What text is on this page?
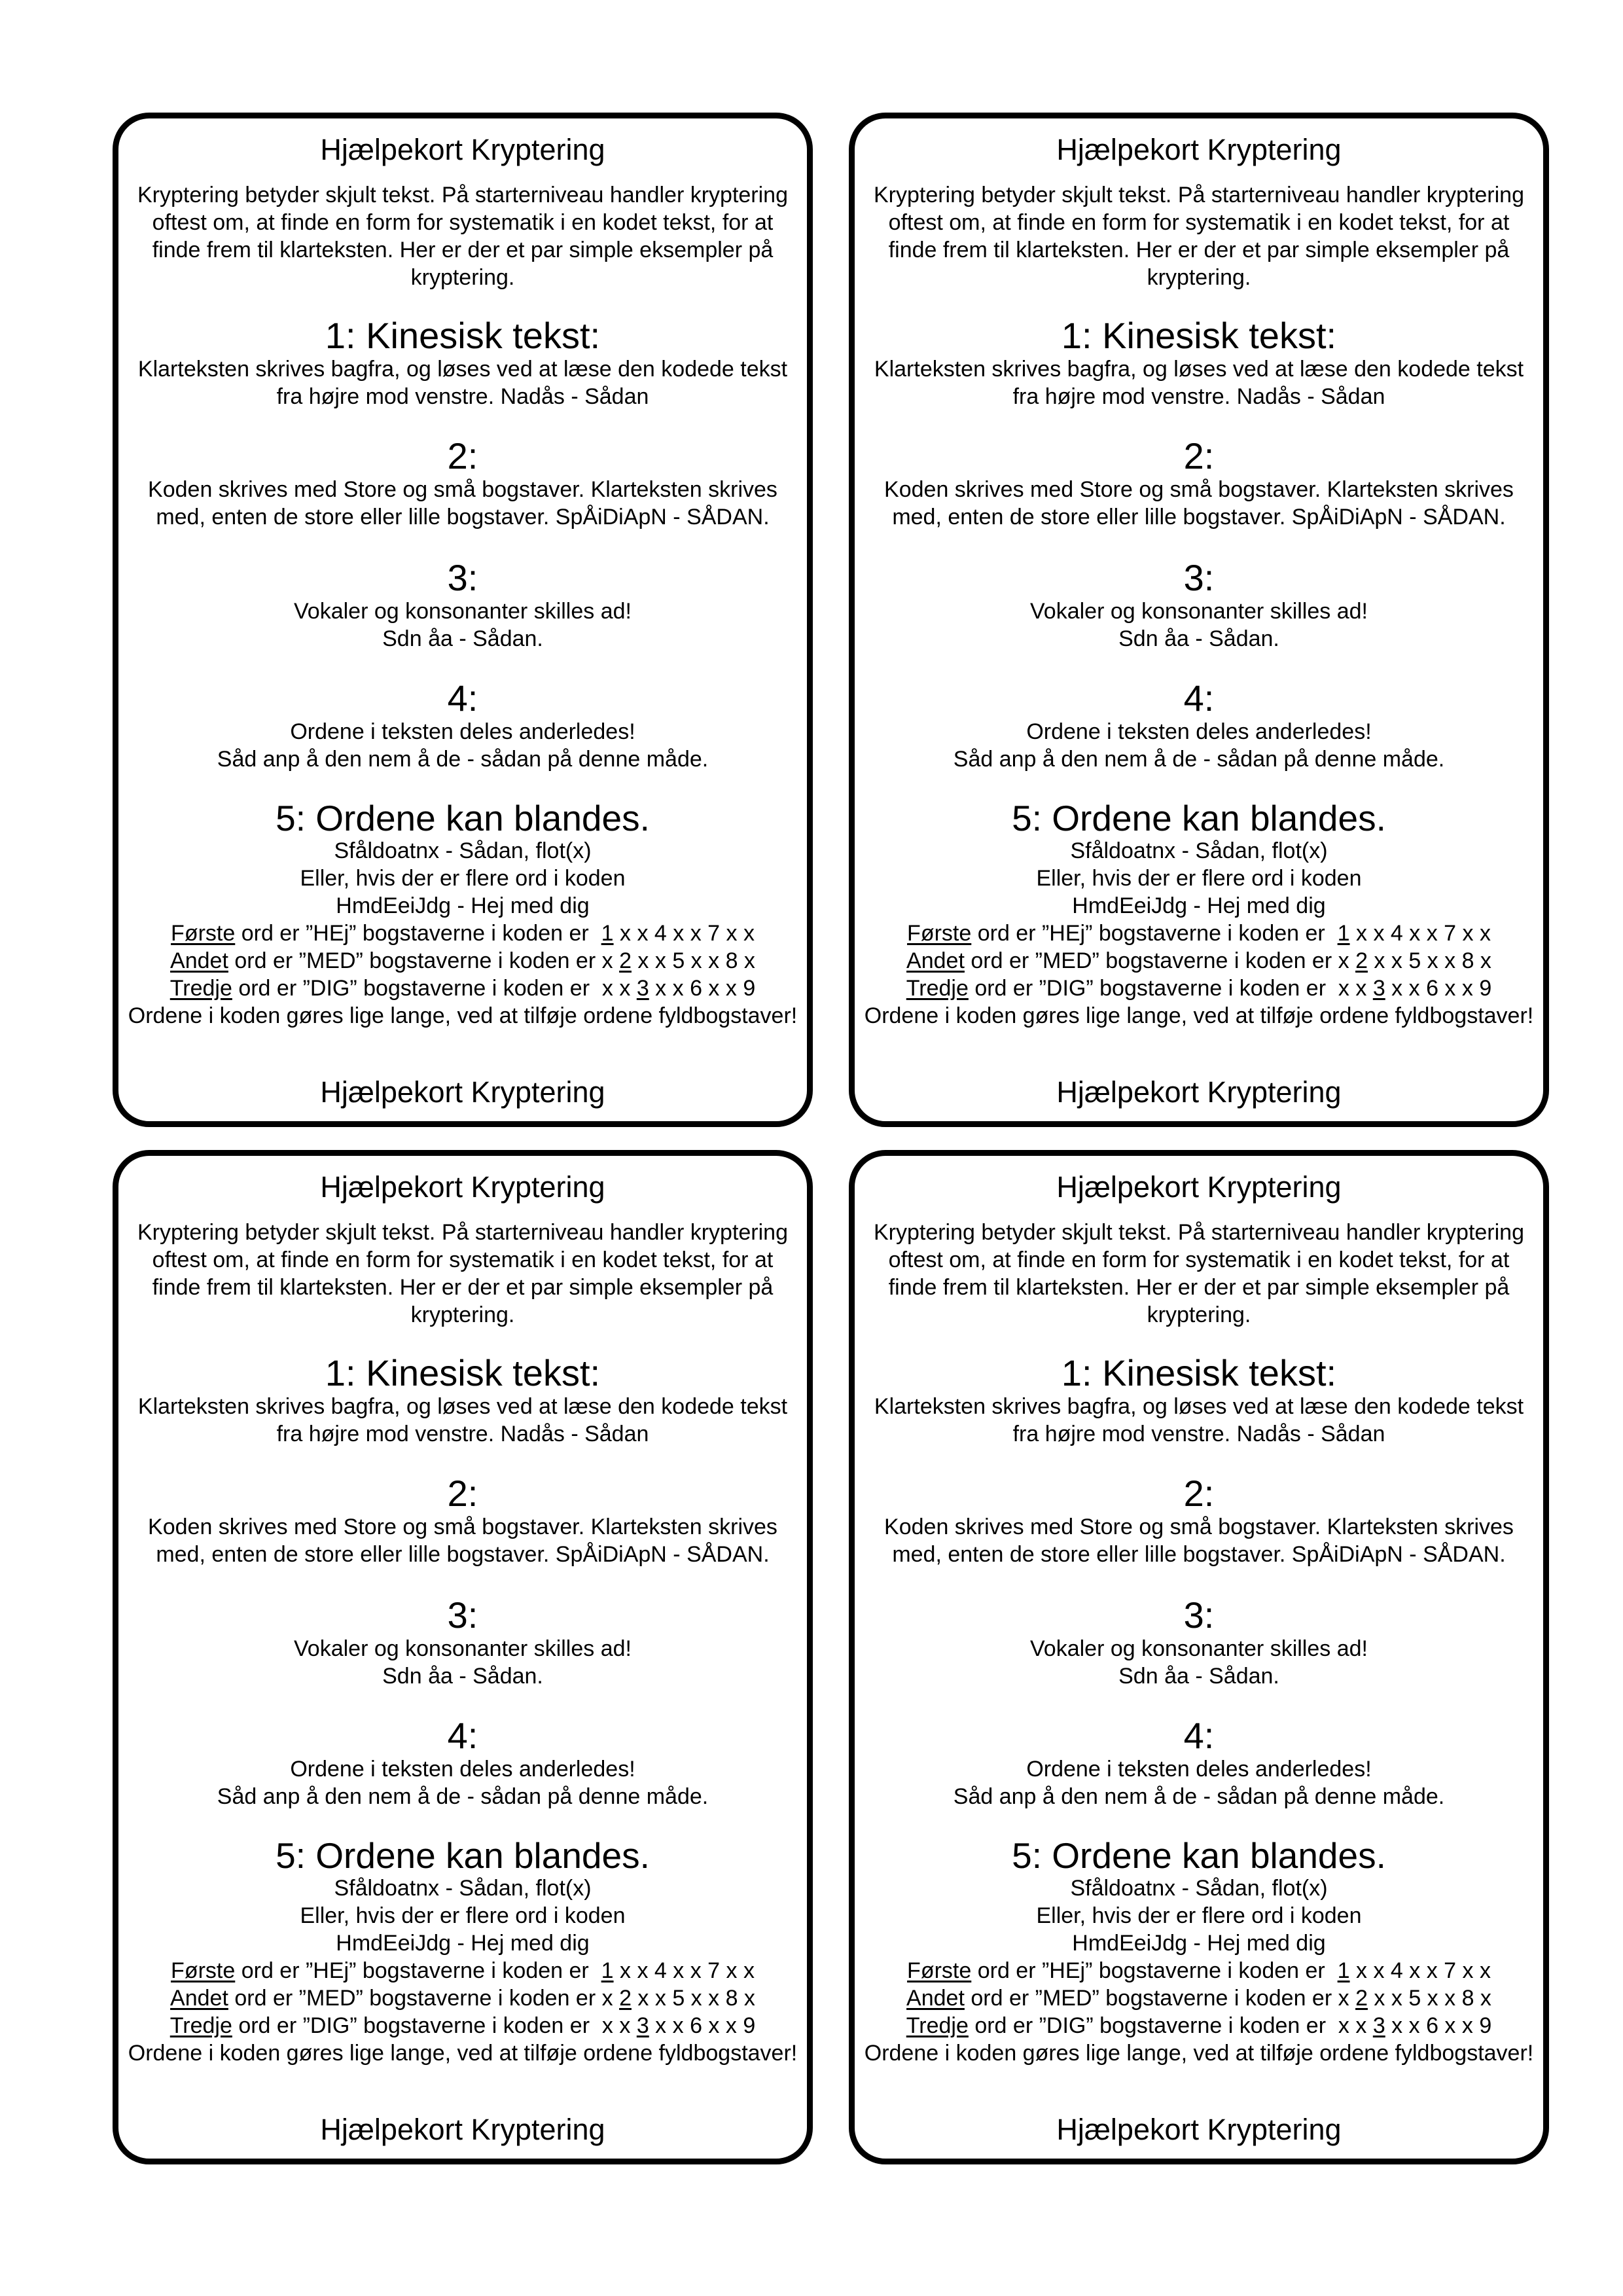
Hjælpekort Kryptering
Kryptering betyder skjult tekst. På starterniveau handler kryptering oftest om, at finde en form for systematik i en kodet tekst, for at finde frem til klarteksten. Her er der et par simple eksempler på kryptering.
1: Kinesisk tekst:
Klarteksten skrives bagfra, og løses ved at læse den kodede tekst fra højre mod venstre. Nadås - Sådan
2:
Koden skrives med Store og små bogstaver. Klarteksten skrives med, enten de store eller lille bogstaver. SpÅiDiApN - SÅDAN.
3:
Vokaler og konsonanter skilles ad!
Sdn åa - Sådan.
4:
Ordene i teksten deles anderledes!
Såd anp å den nem å de - sådan på denne måde.
5: Ordene kan blandes.
Sfåldoatnx - Sådan, flot(x)
Eller, hvis der er flere ord i koden
HmdEeiJdg - Hej med dig
Første ord er ”HEj” bogstaverne i koden er  1 x x 4 x x 7 x x
Andet ord er ”MED” bogstaverne i koden er x 2 x x 5 x x 8 x
Tredje ord er ”DIG” bogstaverne i koden er  x x 3 x x 6 x x 9
Ordene i koden gøres lige lange, ved at tilføje ordene fyldbogstaver!
Hjælpekort Kryptering
Hjælpekort Kryptering
Kryptering betyder skjult tekst. På starterniveau handler kryptering oftest om, at finde en form for systematik i en kodet tekst, for at finde frem til klarteksten. Her er der et par simple eksempler på kryptering.
1: Kinesisk tekst:
Klarteksten skrives bagfra, og løses ved at læse den kodede tekst fra højre mod venstre. Nadås - Sådan
2:
Koden skrives med Store og små bogstaver. Klarteksten skrives med, enten de store eller lille bogstaver. SpÅiDiApN - SÅDAN.
3:
Vokaler og konsonanter skilles ad!
Sdn åa - Sådan.
4:
Ordene i teksten deles anderledes!
Såd anp å den nem å de - sådan på denne måde.
5: Ordene kan blandes.
Sfåldoatnx - Sådan, flot(x)
Eller, hvis der er flere ord i koden
HmdEeiJdg - Hej med dig
Første ord er ”HEj” bogstaverne i koden er  1 x x 4 x x 7 x x
Andet ord er ”MED” bogstaverne i koden er x 2 x x 5 x x 8 x
Tredje ord er ”DIG” bogstaverne i koden er  x x 3 x x 6 x x 9
Ordene i koden gøres lige lange, ved at tilføje ordene fyldbogstaver!
Hjælpekort Kryptering
Hjælpekort Kryptering
Kryptering betyder skjult tekst. På starterniveau handler kryptering oftest om, at finde en form for systematik i en kodet tekst, for at finde frem til klarteksten. Her er der et par simple eksempler på kryptering.
1: Kinesisk tekst:
Klarteksten skrives bagfra, og løses ved at læse den kodede tekst fra højre mod venstre. Nadås - Sådan
2:
Koden skrives med Store og små bogstaver. Klarteksten skrives med, enten de store eller lille bogstaver. SpÅiDiApN - SÅDAN.
3:
Vokaler og konsonanter skilles ad!
Sdn åa - Sådan.
4:
Ordene i teksten deles anderledes!
Såd anp å den nem å de - sådan på denne måde.
5: Ordene kan blandes.
Sfåldoatnx - Sådan, flot(x)
Eller, hvis der er flere ord i koden
HmdEeiJdg - Hej med dig
Første ord er ”HEj” bogstaverne i koden er  1 x x 4 x x 7 x x
Andet ord er ”MED” bogstaverne i koden er x 2 x x 5 x x 8 x
Tredje ord er ”DIG” bogstaverne i koden er  x x 3 x x 6 x x 9
Ordene i koden gøres lige lange, ved at tilføje ordene fyldbogstaver!
Hjælpekort Kryptering
Hjælpekort Kryptering
Kryptering betyder skjult tekst. På starterniveau handler kryptering oftest om, at finde en form for systematik i en kodet tekst, for at finde frem til klarteksten. Her er der et par simple eksempler på kryptering.
1: Kinesisk tekst:
Klarteksten skrives bagfra, og løses ved at læse den kodede tekst fra højre mod venstre. Nadås - Sådan
2:
Koden skrives med Store og små bogstaver. Klarteksten skrives med, enten de store eller lille bogstaver. SpÅiDiApN - SÅDAN.
3:
Vokaler og konsonanter skilles ad!
Sdn åa - Sådan.
4:
Ordene i teksten deles anderledes!
Såd anp å den nem å de - sådan på denne måde.
5: Ordene kan blandes.
Sfåldoatnx - Sådan, flot(x)
Eller, hvis der er flere ord i koden
HmdEeiJdg - Hej med dig
Første ord er ”HEj” bogstaverne i koden er  1 x x 4 x x 7 x x
Andet ord er ”MED” bogstaverne i koden er x 2 x x 5 x x 8 x
Tredje ord er ”DIG” bogstaverne i koden er  x x 3 x x 6 x x 9
Ordene i koden gøres lige lange, ved at tilføje ordene fyldbogstaver!
Hjælpekort Kryptering
